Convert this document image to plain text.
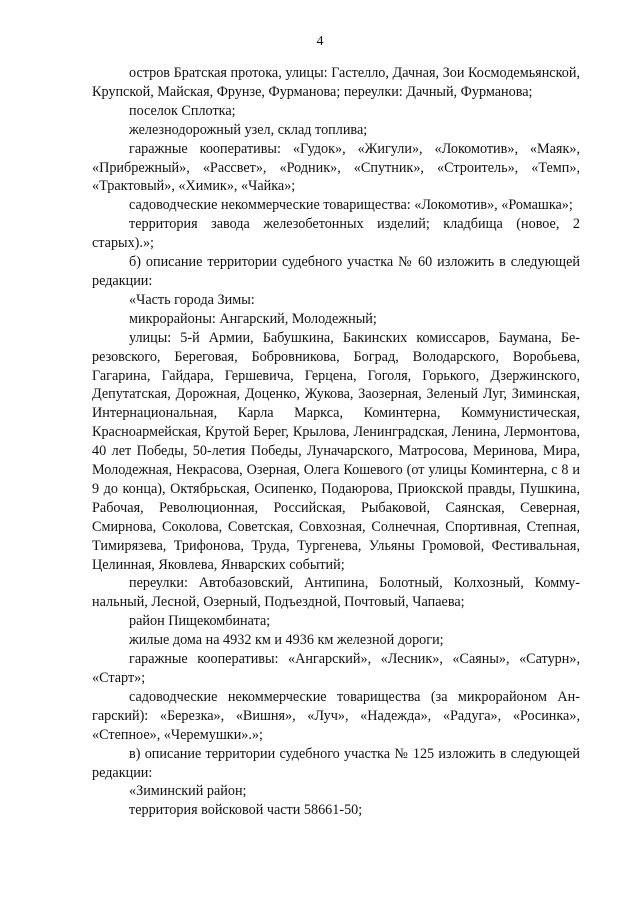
4

остров Братская протока, улицы: Гастелло, Дачная, Зои Космодемьянской, Крупской, Майская, Фрунзе, Фурманова; переулки: Дачный, Фурманова;

поселок Сплотка;

железнодорожный узел, склад топлива;

гаражные кооперативы: «Гудок», «Жигули», «Локомотив», «Маяк», «Прибрежный», «Рассвет», «Родник», «Спутник», «Строитель», «Темп», «Трактовый», «Химик», «Чайка»;

садоводческие некоммерческие товарищества: «Локомотив», «Ромашка»;

территория завода железобетонных изделий; кладбища (новое, 2 старых).»;

б) описание территории судебного участка № 60 изложить в следующей редакции:

«Часть города Зимы:

микрорайоны: Ангарский, Молодежный;

улицы: 5-й Армии, Бабушкина, Бакинских комиссаров, Баумана, Березовского, Береговая, Бобровникова, Боград, Володарского, Воробьева, Гагарина, Гайдара, Гершевича, Герцена, Гоголя, Горького, Дзержинского, Депутатская, Дорожная, Доценко, Жукова, Заозерная, Зеленый Луг, Зиминская, Интернациональная, Карла Маркса, Коминтерна, Коммунистическая, Красноармейская, Крутой Берег, Крылова, Ленинградская, Ленина, Лермонтова, 40 лет Победы, 50-летия Победы, Луначарского, Матросова, Меринова, Мира, Молодежная, Некрасова, Озерная, Олега Кошевого (от улицы Коминтерна, с 8 и 9 до конца), Октябрьская, Осипенко, Подаюрова, Приокской правды, Пушкина, Рабочая, Революционная, Российская, Рыбаковой, Саянская, Северная, Смирнова, Соколова, Советская, Совхозная, Солнечная, Спортивная, Степная, Тимирязева, Трифонова, Труда, Тургенева, Ульяны Громовой, Фестивальная, Целинная, Яковлева, Январских событий;

переулки: Автобазовский, Антипина, Болотный, Колхозный, Коммунальный, Лесной, Озерный, Подъездной, Почтовый, Чапаева;

район Пищекомбината;

жилые дома на 4932 км и 4936 км железной дороги;

гаражные кооперативы: «Ангарский», «Лесник», «Саяны», «Сатурн», «Старт»;

садоводческие некоммерческие товарищества (за микрорайоном Ангарский): «Березка», «Вишня», «Луч», «Надежда», «Радуга», «Росинка», «Степное», «Черемушки».»;

в) описание территории судебного участка № 125 изложить в следующей редакции:

«Зиминский район;

территория войсковой части 58661-50;
